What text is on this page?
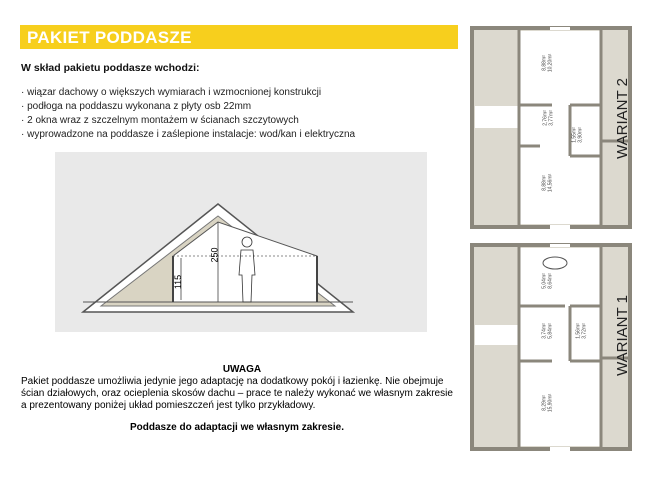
PAKIET PODDASZE
W skład pakietu poddasze wchodzi:
· wiązar dachowy o większych wymiarach i wzmocnionej konstrukcji
· podłoga na poddaszu wykonana z płyty osb 22mm
· 2 okna wraz z szczelnym montażem w ścianach szczytowych
· wyprowadzone na poddasze i zaślepione instalacje: wod/kan i elektryczna
250
115
UWAGA
Pakiet poddasze umożliwia jedynie jego adaptację na dodatkowy pokój i łazienkę. Nie obejmuje
ścian działowych, oraz ocieplenia skosów dachu – prace te należy wykonać we własnym zakresie
a prezentowany poniżej układ pomieszczeń jest tylko przykładowy.
Poddasze do adaptacji we własnym zakresie.
WARIANT 2
8,88m² 10,20m²
2,76m² 3,77m²
1,55m² 3,90m²
8,88m² 14,56m²
WARIANT 1
5,04m² 8,64m²
3,74m² 5,84m²	1,56m² 3,72m²
8,29m² 15,90m²
